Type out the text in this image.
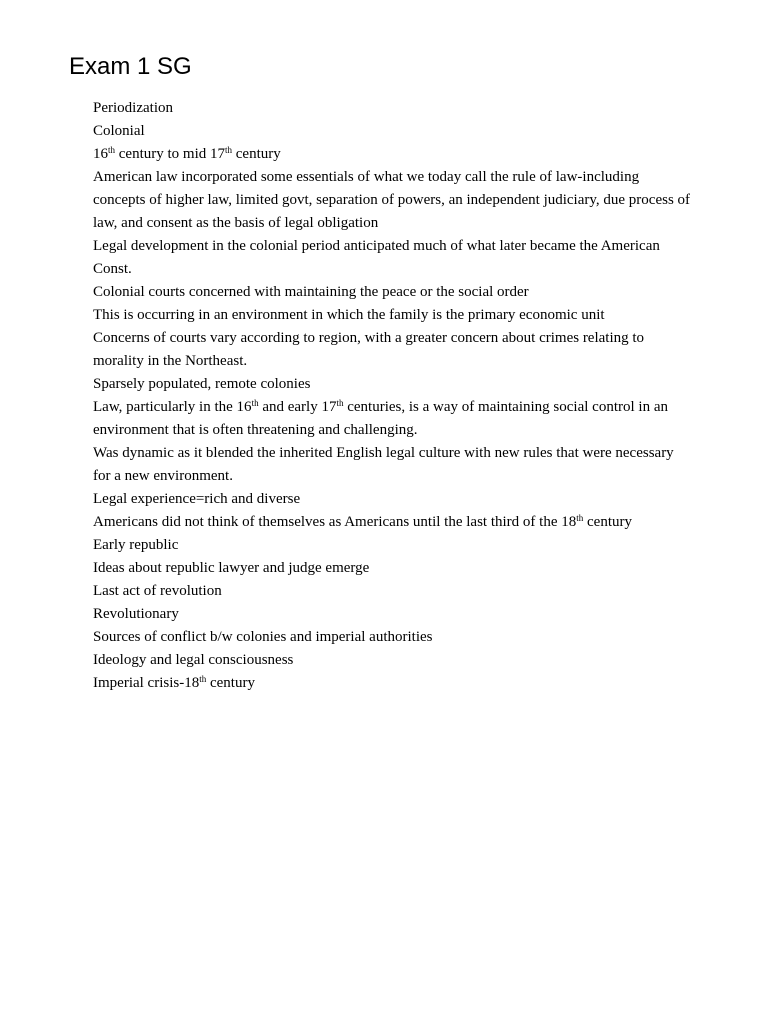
Exam 1 SG

Periodization

Colonial

16th century to mid 17th century

American law incorporated some essentials of what we today call the rule of law-including concepts of higher law, limited govt, separation of powers, an independent judiciary, due process of law, and consent as the basis of legal obligation

Legal development in the colonial period anticipated much of what later became the American Const.

Colonial courts concerned with maintaining the peace or the social order

This is occurring in an environment in which the family is the primary economic unit

Concerns of courts vary according to region, with a greater concern about crimes relating to morality in the Northeast.

Sparsely populated, remote colonies

Law, particularly in the 16th and early 17th centuries, is a way of maintaining social control in an environment that is often threatening and challenging.

Was dynamic as it blended the inherited English legal culture with new rules that were necessary for a new environment.

Legal experience=rich and diverse

Americans did not think of themselves as Americans until the last third of the 18th century

Early republic

Ideas about republic lawyer and judge emerge

Last act of revolution

Revolutionary

Sources of conflict b/w colonies and imperial authorities

Ideology and legal consciousness

Imperial crisis-18th century
